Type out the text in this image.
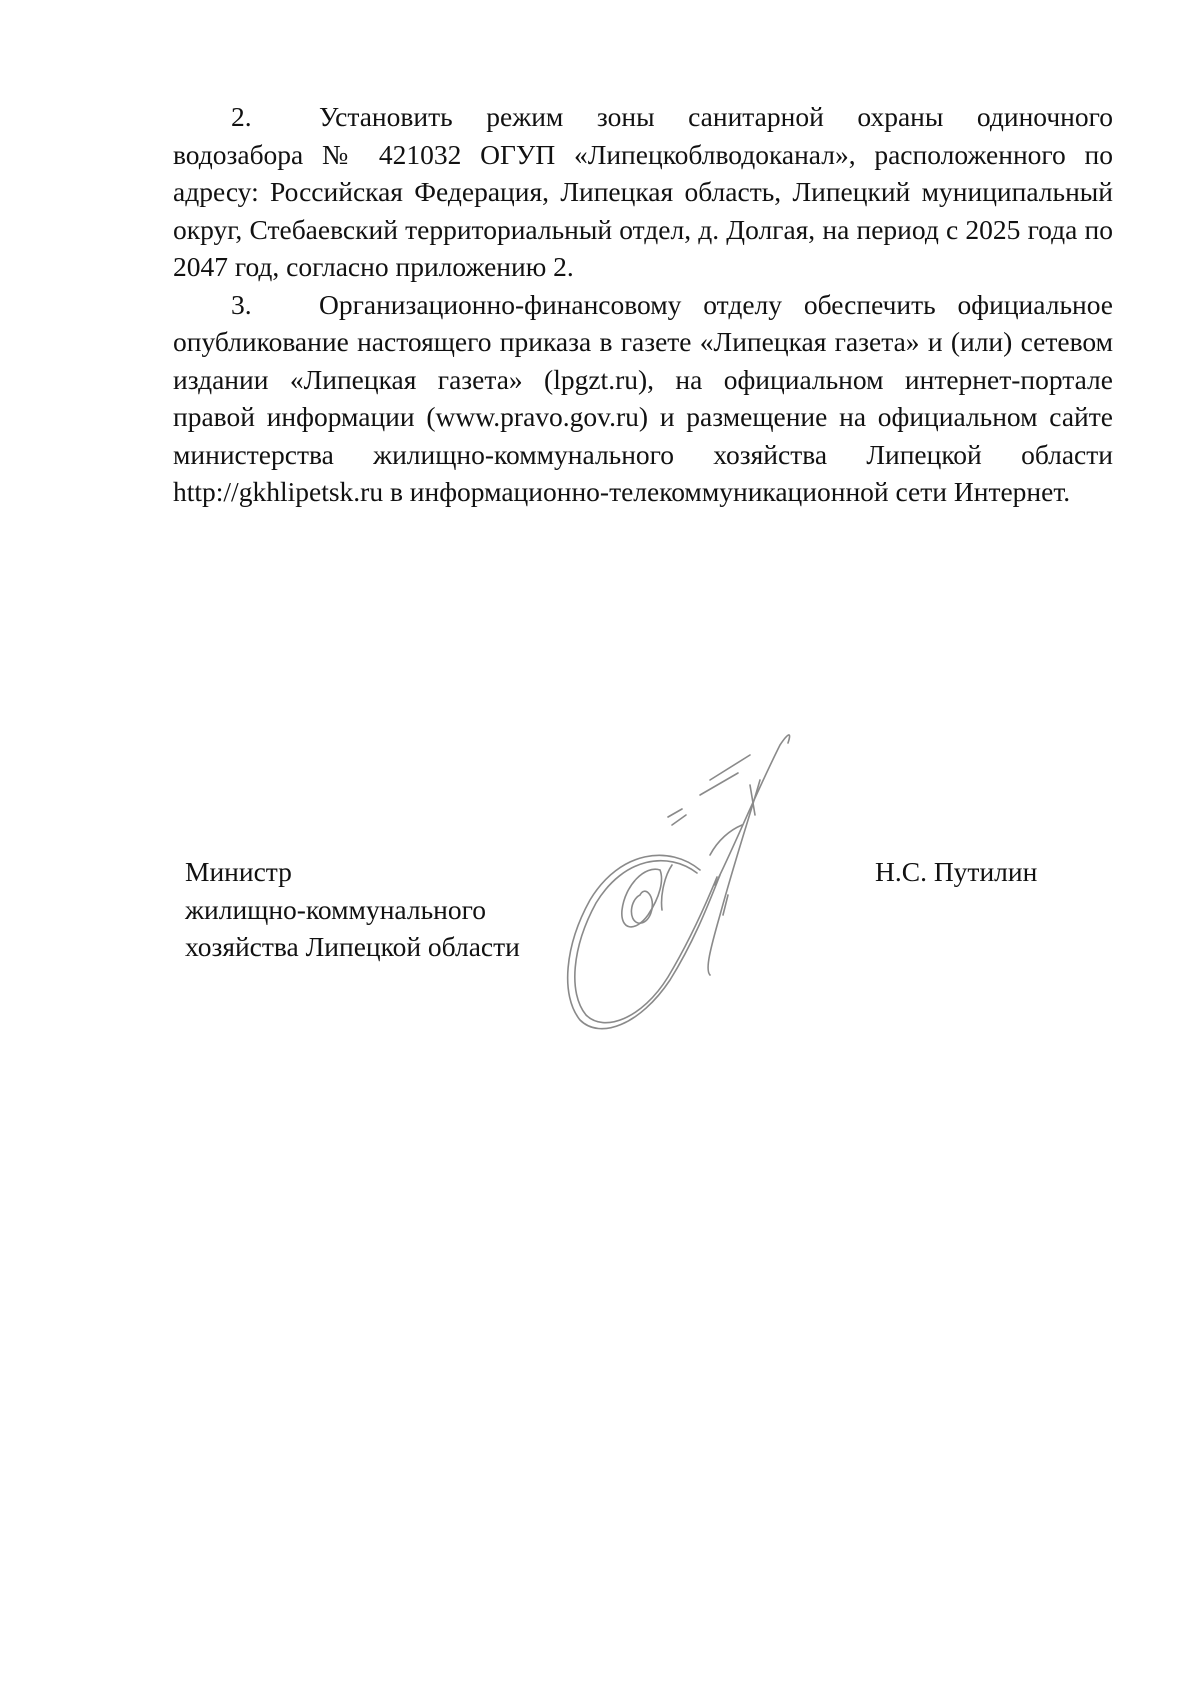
2. Установить режим зоны санитарной охраны одиночного водозабора № 421032 ОГУП «Липецкоблводоканал», расположенного по адресу: Российская Федерация, Липецкая область, Липецкий муниципальный округ, Стебаевский территориальный отдел, д. Долгая, на период с 2025 года по 2047 год, согласно приложению 2.

3. Организационно-финансовому отделу обеспечить официальное опубликование настоящего приказа в газете «Липецкая газета» и (или) сетевом издании «Липецкая газета» (lpgzt.ru), на официальном интернет-портале правой информации (www.pravo.gov.ru) и размещение на официальном сайте министерства жилищно-коммунального хозяйства Липецкой области http://gkhlipetsk.ru в информационно-телекоммуникационной сети Интернет.

Министр
жилищно-коммунального
хозяйства Липецкой области
Н.С. Путилин
